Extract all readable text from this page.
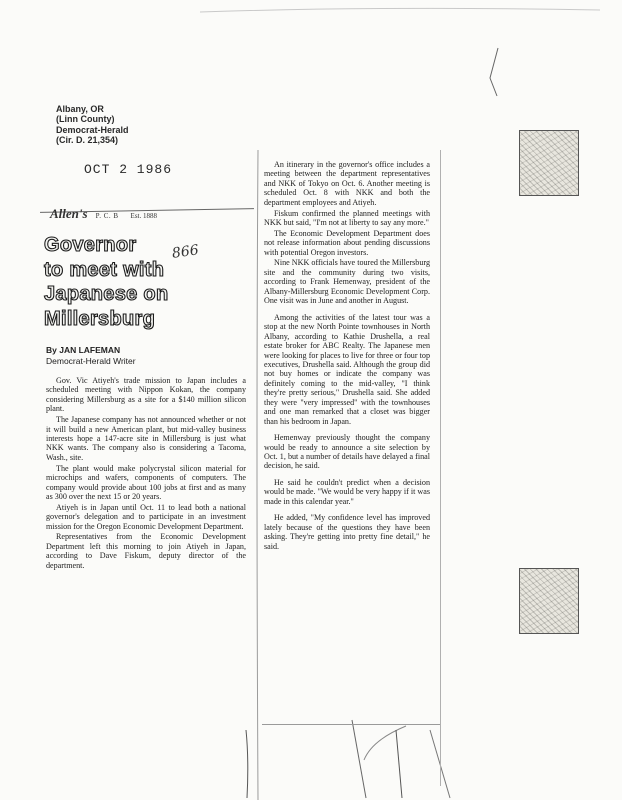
Albany, OR
(Linn County)
Democrat-Herald
(Cir. D. 21,354)
OCT 2 1986
Allen's P. C. B Est. 1888
Governor
to meet with
Japanese on
Millersburg
866
By JAN LAFEMAN
Democrat-Herald Writer

Gov. Vic Atiyeh's trade mission to Japan includes a scheduled meeting with Nippon Kokan, the company considering Millersburg as a site for a $140 million silicon plant.

The Japanese company has not announced whether or not it will build a new American plant, but mid-valley business interests hope a 147-acre site in Millersburg is just what NKK wants. The company also is considering a Tacoma, Wash., site.

The plant would make polycrystal silicon material for microchips and wafers, components of computers. The company would provide about 100 jobs at first and as many as 300 over the next 15 or 20 years.

Atiyeh is in Japan until Oct. 11 to lead both a national governor's delegation and to participate in an investment mission for the Oregon Economic Development Department.

Representatives from the Economic Development Department left this morning to join Atiyeh in Japan, according to Dave Fiskum, deputy director of the department.

An itinerary in the governor's office includes a meeting between the department representatives and NKK of Tokyo on Oct. 6. Another meeting is scheduled Oct. 8 with NKK and both the department employees and Atiyeh.

Fiskum confirmed the planned meetings with NKK but said, "I'm not at liberty to say any more."

The Economic Development Department does not release information about pending discussions with potential Oregon investors.

Nine NKK officials have toured the Millersburg site and the community during two visits, according to Frank Hemenway, president of the Albany-Millersburg Economic Development Corp. One visit was in June and another in August.

Among the activities of the latest tour was a stop at the new North Pointe townhouses in North Albany, according to Kathie Drushella, a real estate broker for ABC Realty. The Japanese men were looking for places to live for three or four top executives, Drushella said. Although the group did not buy homes or indicate the company was definitely coming to the mid-valley, "I think they're pretty serious," Drushella said. She added they were "very impressed" with the townhouses and one man remarked that a closet was bigger than his bedroom in Japan.

Hemenway previously thought the company would be ready to announce a site selection by Oct. 1, but a number of details have delayed a final decision, he said.

He said he couldn't predict when a decision would be made. "We would be very happy if it was made in this calendar year."

He added, "My confidence level has improved lately because of the questions they have been asking. They're getting into pretty fine detail," he said.
